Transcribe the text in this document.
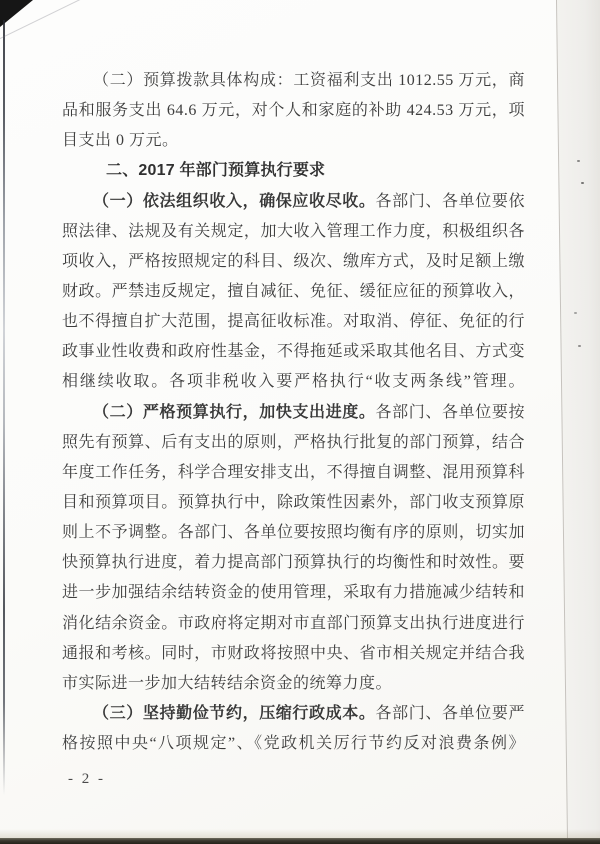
（二）预算拨款具体构成：工资福利支出 1012.55 万元，商
品和服务支出 64.6 万元，对个人和家庭的补助 424.53 万元，项
目支出 0 万元。
二、2017 年部门预算执行要求
（一）依法组织收入，确保应收尽收。各部门、各单位要依
照法律、法规及有关规定，加大收入管理工作力度，积极组织各
项收入，严格按照规定的科目、级次、缴库方式，及时足额上缴
财政。严禁违反规定，擅自减征、免征、缓征应征的预算收入，
也不得擅自扩大范围，提高征收标准。对取消、停征、免征的行
政事业性收费和政府性基金，不得拖延或采取其他名目、方式变
相继续收取。各项非税收入要严格执行“收支两条线”管理。
（二）严格预算执行，加快支出进度。各部门、各单位要按
照先有预算、后有支出的原则，严格执行批复的部门预算，结合
年度工作任务，科学合理安排支出，不得擅自调整、混用预算科
目和预算项目。预算执行中，除政策性因素外，部门收支预算原
则上不予调整。各部门、各单位要按照均衡有序的原则，切实加
快预算执行进度，着力提高部门预算执行的均衡性和时效性。要
进一步加强结余结转资金的使用管理，采取有力措施减少结转和
消化结余资金。市政府将定期对市直部门预算支出执行进度进行
通报和考核。同时，市财政将按照中央、省市相关规定并结合我
市实际进一步加大结转结余资金的统筹力度。
（三）坚持勤俭节约，压缩行政成本。各部门、各单位要严
格按照中央“八项规定”、《党政机关厉行节约反对浪费条例》
- 2 -
